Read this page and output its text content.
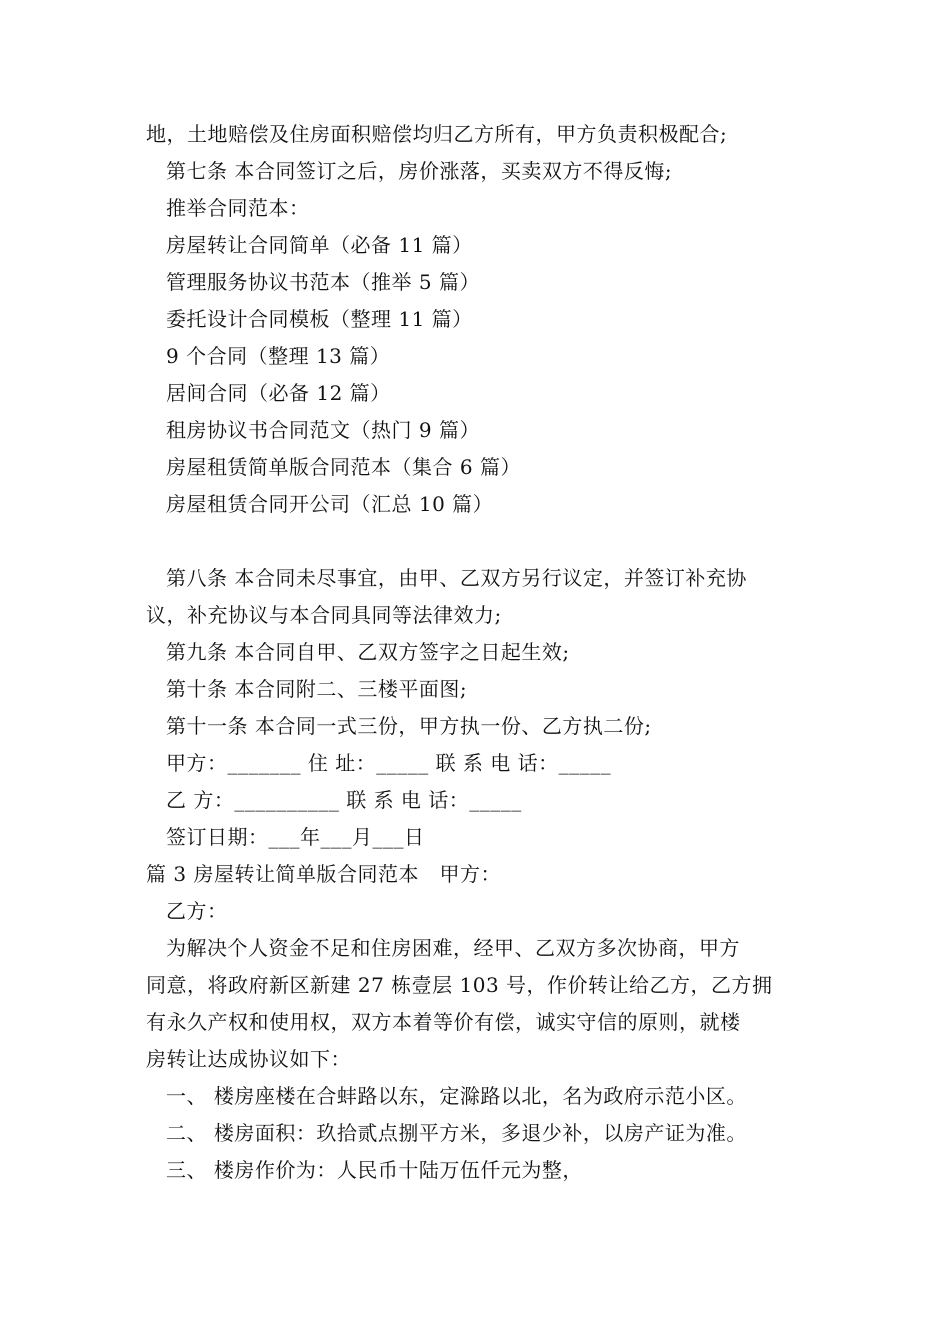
地，土地赔偿及住房面积赔偿均归乙方所有，甲方负责积极配合;
第七条 本合同签订之后，房价涨落，买卖双方不得反悔;
推举合同范本：
房屋转让合同简单（必备 11 篇）
管理服务协议书范本（推举 5 篇）
委托设计合同模板（整理 11 篇）
9 个合同（整理 13 篇）
居间合同（必备 12 篇）
租房协议书合同范文（热门 9 篇）
房屋租赁简单版合同范本（集合 6 篇）
房屋租赁合同开公司（汇总 10 篇）
第八条 本合同未尽事宜，由甲、乙双方另行议定，并签订补充协
议，补充协议与本合同具同等法律效力;
第九条 本合同自甲、乙双方签字之日起生效;
第十条 本合同附二、三楼平面图;
第十一条 本合同一式三份，甲方执一份、乙方执二份;
甲方：_______ 住 址：_____ 联 系 电 话：_____
乙 方：__________ 联 系 电 话：_____
签订日期：___年___月___日
篇 3 房屋转让简单版合同范本　甲方：
乙方：
为解决个人资金不足和住房困难，经甲、乙双方多次协商，甲方
同意，将政府新区新建 27 栋壹层 103 号，作价转让给乙方，乙方拥
有永久产权和使用权，双方本着等价有偿，诚实守信的原则，就楼
房转让达成协议如下：
一、 楼房座楼在合蚌路以东，定滁路以北，名为政府示范小区。
二、 楼房面积：玖拾贰点捌平方米，多退少补，以房产证为准。
三、 楼房作价为：人民币十陆万伍仟元为整，
